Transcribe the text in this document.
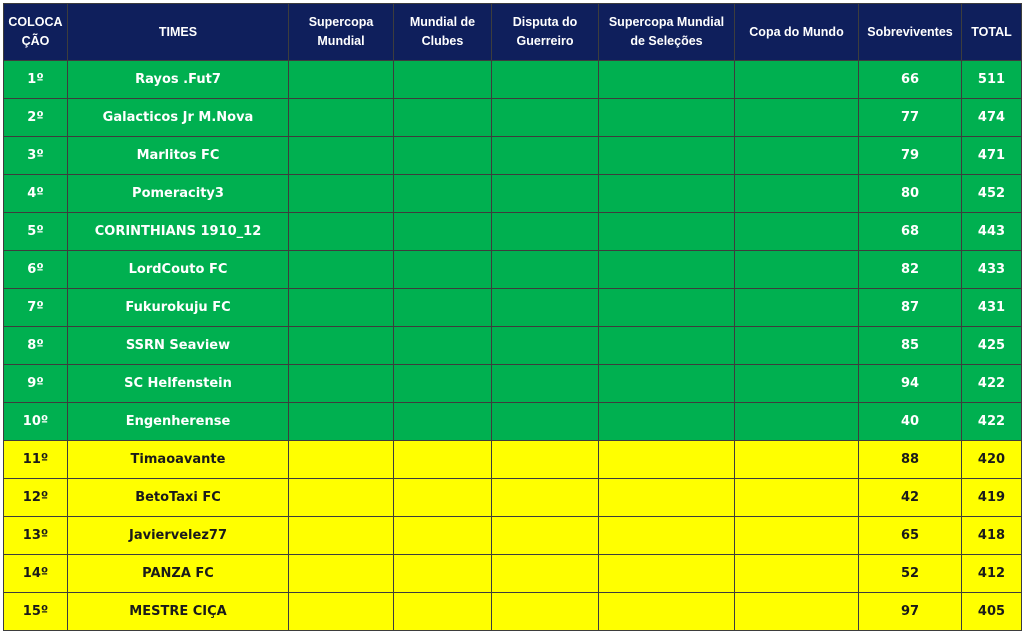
COLOCA ÇÃO	TIMES	Supercopa Mundial	Mundial de Clubes	Disputa do Guerreiro	Supercopa Mundial de Seleções	Copa do Mundo	Sobreviventes	TOTAL
1º	Rayos .Fut7						66	511
2º	Galacticos Jr M.Nova						77	474
3º	Marlitos FC						79	471
4º	Pomeracity3						80	452
5º	CORINTHIANS 1910_12						68	443
6º	LordCouto FC						82	433
7º	Fukurokuju FC						87	431
8º	SSRN Seaview						85	425
9º	SC Helfenstein						94	422
10º	Engenherense						40	422
11º	Timaoavante						88	420
12º	BetoTaxi FC						42	419
13º	Javiervelez77						65	418
14º	PANZA FC						52	412
15º	MESTRE CIÇA						97	405
